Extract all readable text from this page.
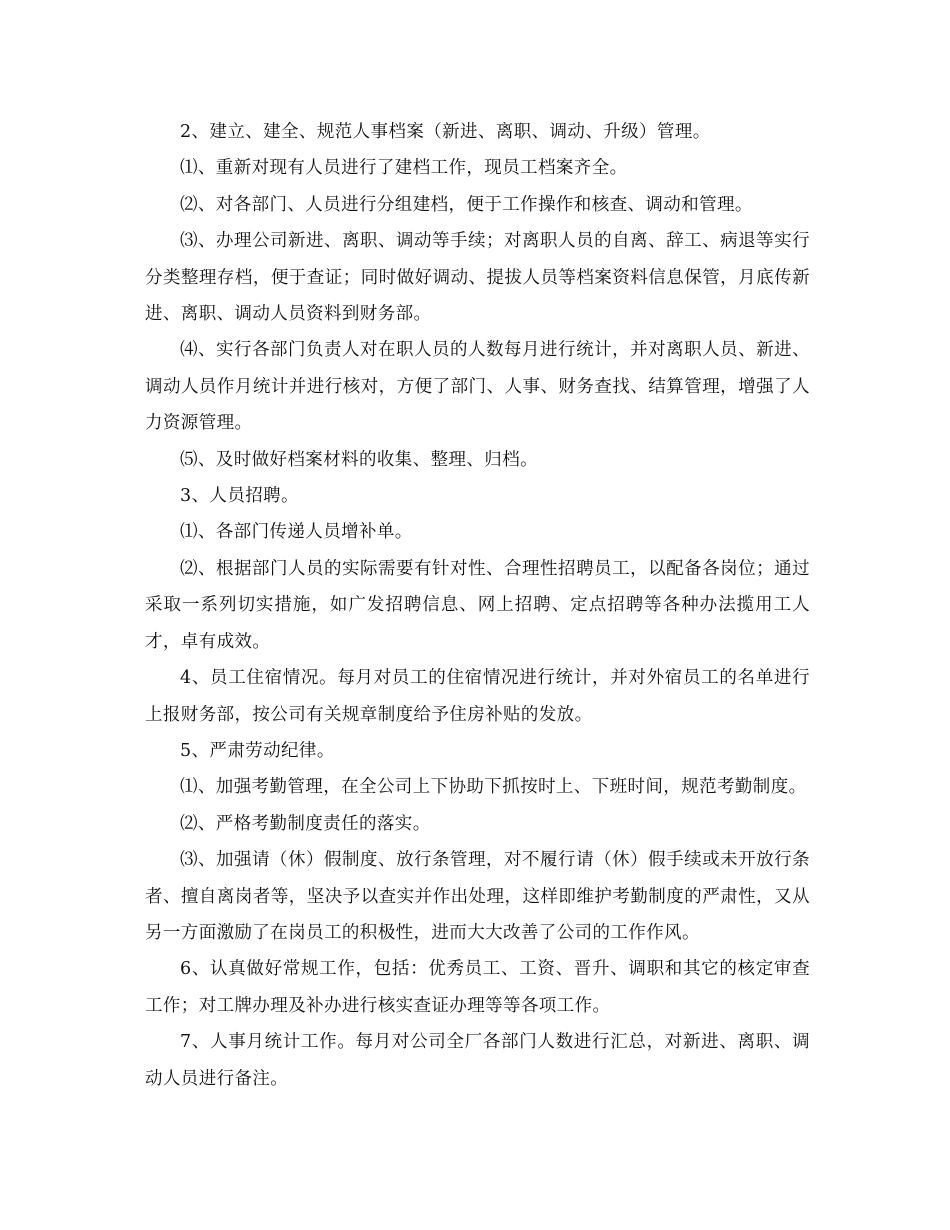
2、建立、建全、规范人事档案（新进、离职、调动、升级）管理。

⑴、重新对现有人员进行了建档工作，现员工档案齐全。

⑵、对各部门、人员进行分组建档，便于工作操作和核查、调动和管理。

⑶、办理公司新进、离职、调动等手续；对离职人员的自离、辞工、病退等实行分类整理存档，便于查证；同时做好调动、提拔人员等档案资料信息保管，月底传新进、离职、调动人员资料到财务部。

⑷、实行各部门负责人对在职人员的人数每月进行统计，并对离职人员、新进、调动人员作月统计并进行核对，方便了部门、人事、财务查找、结算管理，增强了人力资源管理。

⑸、及时做好档案材料的收集、整理、归档。

3、人员招聘。

⑴、各部门传递人员增补单。

⑵、根据部门人员的实际需要有针对性、合理性招聘员工，以配备各岗位；通过采取一系列切实措施，如广发招聘信息、网上招聘、定点招聘等各种办法揽用工人才，卓有成效。

4、员工住宿情况。每月对员工的住宿情况进行统计，并对外宿员工的名单进行上报财务部，按公司有关规章制度给予住房补贴的发放。

5、严肃劳动纪律。

⑴、加强考勤管理，在全公司上下协助下抓按时上、下班时间，规范考勤制度。

⑵、严格考勤制度责任的落实。

⑶、加强请（休）假制度、放行条管理，对不履行请（休）假手续或未开放行条者、擅自离岗者等，坚决予以查实并作出处理，这样即维护考勤制度的严肃性，又从另一方面激励了在岗员工的积极性，进而大大改善了公司的工作作风。

6、认真做好常规工作，包括：优秀员工、工资、晋升、调职和其它的核定审查工作；对工牌办理及补办进行核实查证办理等等各项工作。

7、人事月统计工作。每月对公司全厂各部门人数进行汇总，对新进、离职、调动人员进行备注。
